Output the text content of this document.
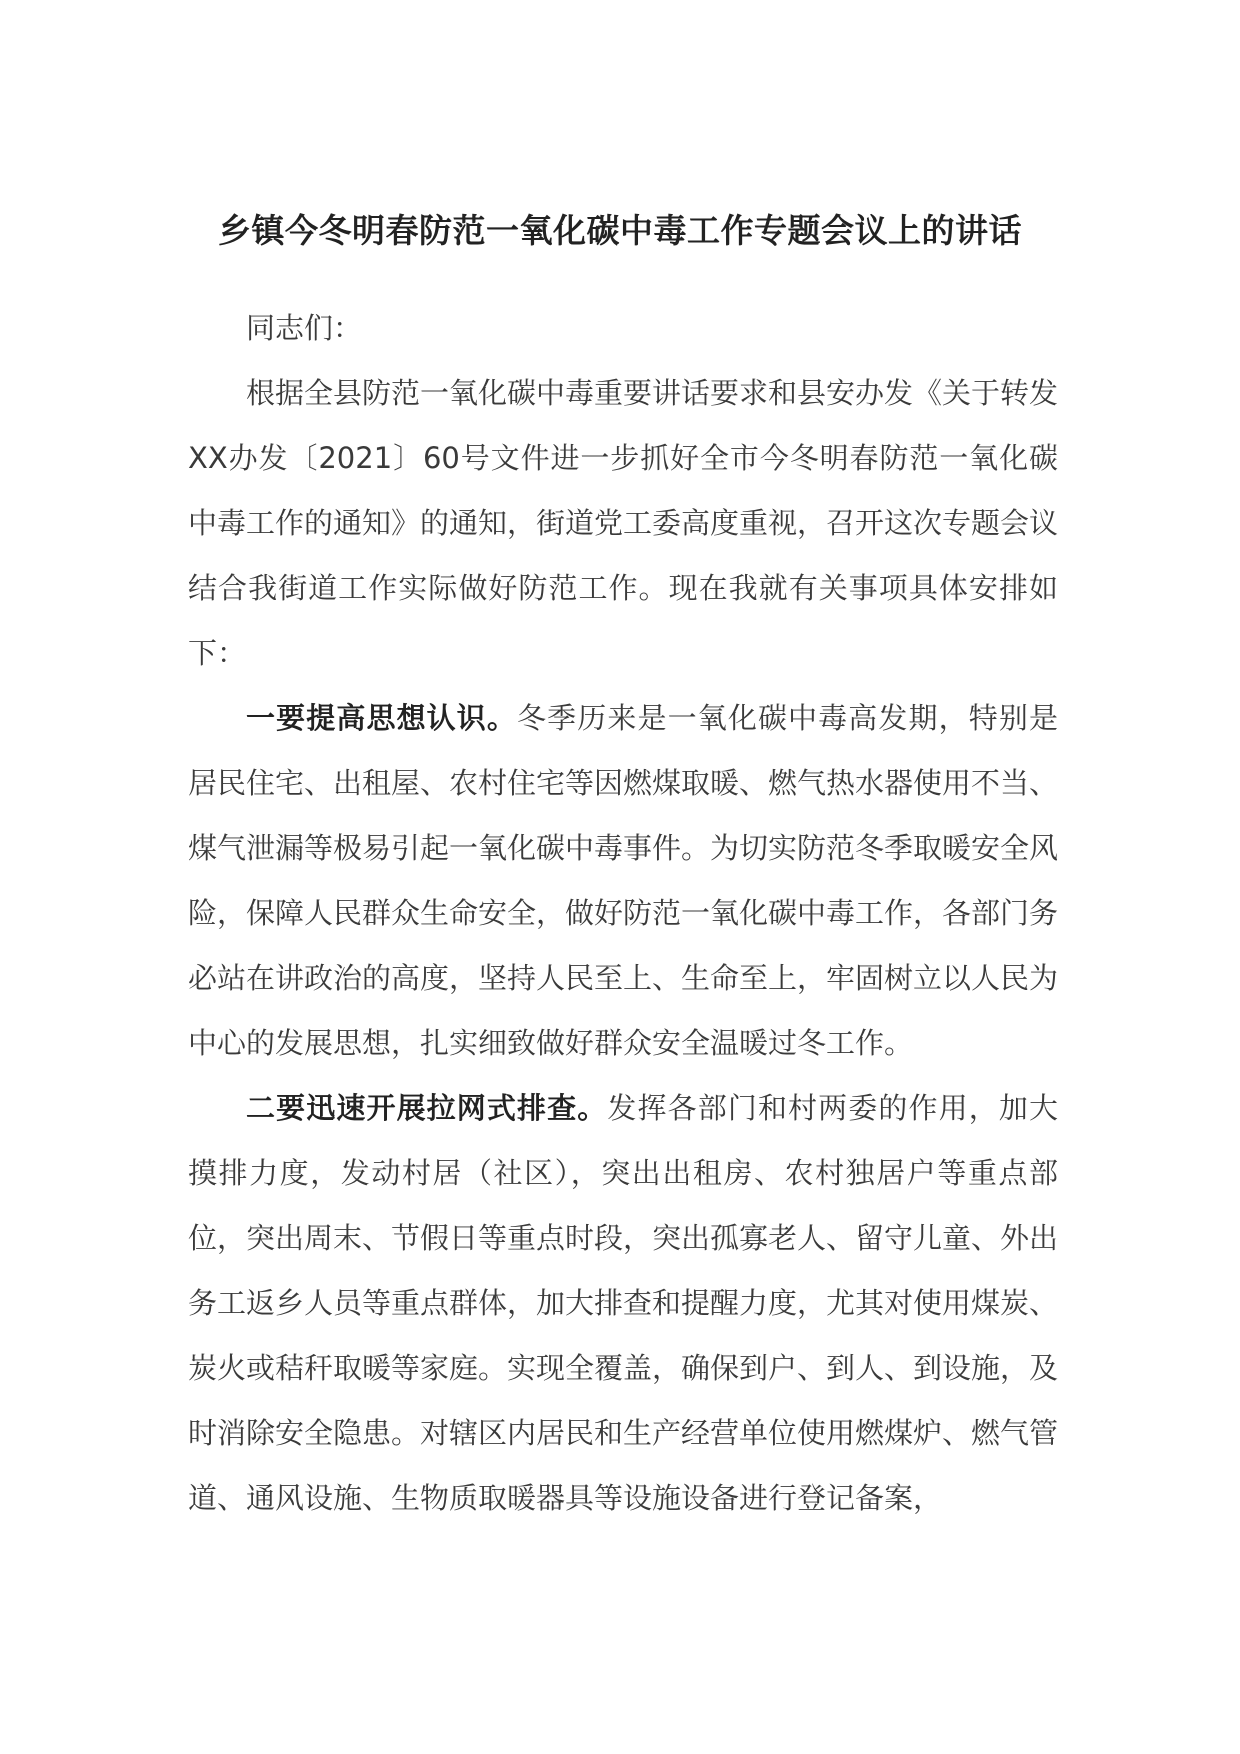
乡镇今冬明春防范一氧化碳中毒工作专题会议上的讲话

同志们：

根据全县防范一氧化碳中毒重要讲话要求和县安办发《关于转发XX办发〔2021〕60号文件进一步抓好全市今冬明春防范一氧化碳中毒工作的通知》的通知，街道党工委高度重视，召开这次专题会议结合我街道工作实际做好防范工作。现在我就有关事项具体安排如下：

一要提高思想认识。冬季历来是一氧化碳中毒高发期，特别是居民住宅、出租屋、农村住宅等因燃煤取暖、燃气热水器使用不当、煤气泄漏等极易引起一氧化碳中毒事件。为切实防范冬季取暖安全风险，保障人民群众生命安全，做好防范一氧化碳中毒工作，各部门务必站在讲政治的高度，坚持人民至上、生命至上，牢固树立以人民为中心的发展思想，扎实细致做好群众安全温暖过冬工作。

二要迅速开展拉网式排查。发挥各部门和村两委的作用，加大摸排力度，发动村居（社区），突出出租房、农村独居户等重点部位，突出周末、节假日等重点时段，突出孤寡老人、留守儿童、外出务工返乡人员等重点群体，加大排查和提醒力度，尤其对使用煤炭、炭火或秸秆取暖等家庭。实现全覆盖，确保到户、到人、到设施，及时消除安全隐患。对辖区内居民和生产经营单位使用燃煤炉、燃气管道、通风设施、生物质取暖器具等设施设备进行登记备案，
